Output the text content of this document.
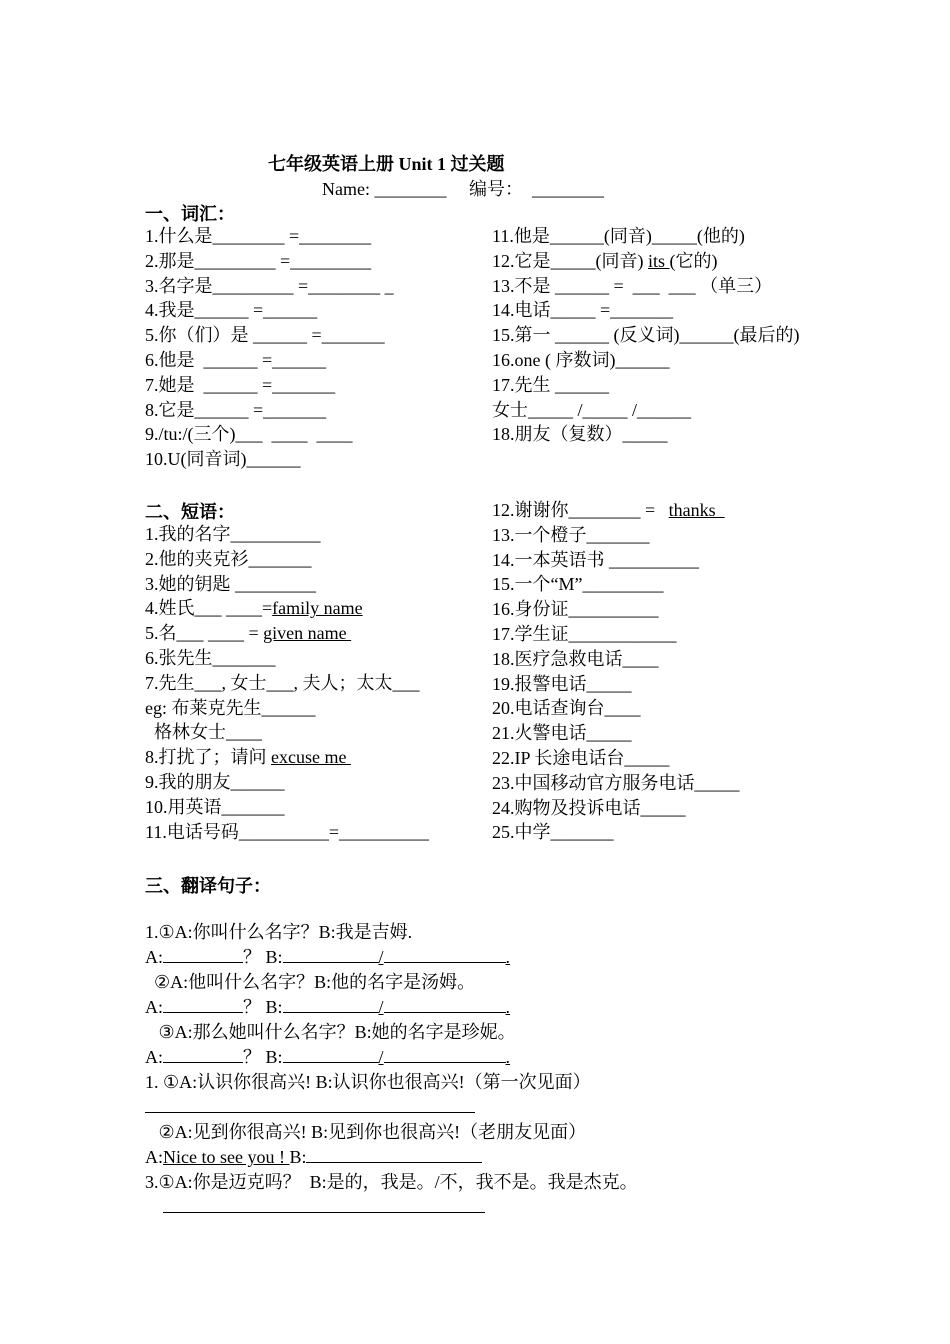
七年级英语上册 Unit 1 过关题
Name: ________     编号：  ________
一、词汇：
1.什么是________ =________
2.那是_________ =_________
3.名字是_________ =________ _
4.我是______ =______
5.你（们）是 ______ =_______
6.他是  ______ =______
7.她是  ______ =_______
8.它是______ =_______
9./tu:/(三个)___  ____  ____
10.U(同音词)______
11.他是______(同音)_____(他的)
12.它是_____(同音) its (它的)
13.不是 ______ =  ___  ___ （单三）
14.电话_____ =_______
15.第一 ______ (反义词)______(最后的)
16.one ( 序数词)______
17.先生 ______
女士_____ /_____ /______
18.朋友（复数）_____
二、短语：
1.我的名字__________
2.他的夹克衫_______
3.她的钥匙 _________
4.姓氏___ ____=family name
5.名___ ____ = given name
6.张先生_______
7.先生___, 女士___, 夫人；太太___
eg: 布莱克先生______
格林女士____
8.打扰了；请问 excuse me
9.我的朋友______
10.用英语_______
11.电话号码__________=__________
12.谢谢你________ =   thanks
13.一个橙子_______
14.一本英语书 __________
15.一个“M”_________
16.身份证__________
17.学生证____________
18.医疗急救电话____
19.报警电话_____
20.电话查询台____
21.火警电话_____
22.IP 长途电话台_____
23.中国移动官方服务电话_____
24.购物及投诉电话_____
25.中学_______
三、翻译句子：
1.①A:你叫什么名字？B:我是吉姆.
A:	？ B:	/	.
②A:他叫什么名字？B:他的名字是汤姆。
A:	？ B:	/	.
③A:那么她叫什么名字？B:她的名字是珍妮。
A:	？ B:	/	.
1. ①A:认识你很高兴! B:认识你也很高兴!（第一次见面）
②A:见到你很高兴! B:见到你也很高兴!（老朋友见面）
A:Nice to see you ! B:
3.①A:你是迈克吗？  B:是的，我是。/不，我不是。我是杰克。
